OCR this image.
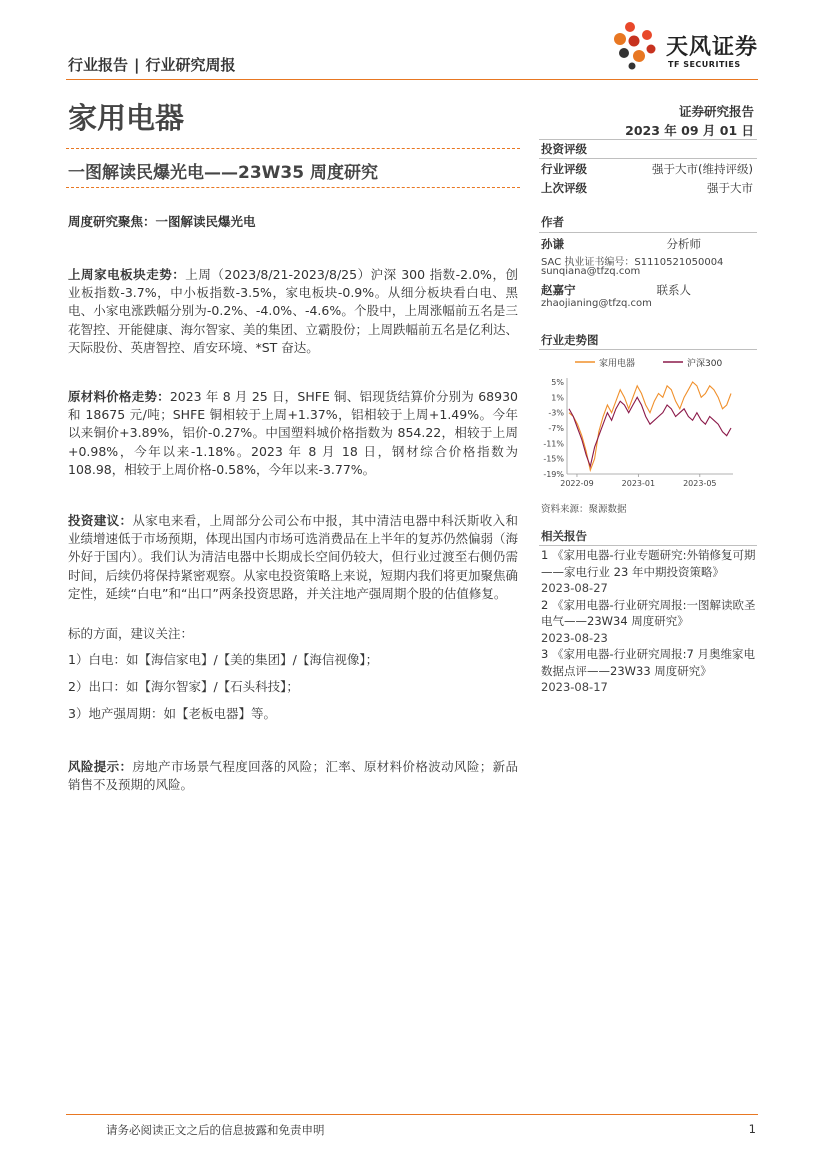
行业报告 | 行业研究周报
天风证券
TF SECURITIES
家用电器	证券研究报告
2023 年 09 月 01 日
一图解读民爆光电——23W35 周度研究
周度研究聚焦：一图解读民爆光电
上周家电板块走势：上周（2023/8/21-2023/8/25）沪深 300 指数-2.0%，创业板指数-3.7%，中小板指数-3.5%，家电板块-0.9%。从细分板块看白电、黑电、小家电涨跌幅分别为-0.2%、-4.0%、-4.6%。个股中，上周涨幅前五名是三花智控、开能健康、海尔智家、美的集团、立霸股份；上周跌幅前五名是亿利达、天际股份、英唐智控、盾安环境、*ST 奋达。
原材料价格走势：2023 年 8 月 25 日，SHFE 铜、铝现货结算价分别为 68930 和 18675 元/吨；SHFE 铜相较于上周+1.37%，铝相较于上周+1.49%。今年以来铜价+3.89%，铝价-0.27%。中国塑料城价格指数为 854.22，相较于上周+0.98%，今年以来-1.18%。2023 年 8 月 18 日，钢材综合价格指数为 108.98，相较于上周价格-0.58%，今年以来-3.77%。
投资建议：从家电来看，上周部分公司公布中报，其中清洁电器中科沃斯收入和业绩增速低于市场预期，体现出国内市场可选消费品在上半年的复苏仍然偏弱（海外好于国内）。我们认为清洁电器中长期成长空间仍较大，但行业过渡至右侧仍需时间，后续仍将保持紧密观察。从家电投资策略上来说，短期内我们将更加聚焦确定性，延续“白电”和“出口”两条投资思路，并关注地产强周期个股的估值修复。
标的方面，建议关注：
1）白电：如【海信家电】/【美的集团】/【海信视像】；
2）出口：如【海尔智家】/【石头科技】；
3）地产强周期：如【老板电器】等。
风险提示：房地产市场景气程度回落的风险；汇率、原材料价格波动风险；新品销售不及预期的风险。
投资评级
行业评级	强于大市(维持评级)
上次评级	强于大市
作者
孙谦	分析师
SAC 执业证书编号：S1110521050004
sunqiana@tfzq.com
赵嘉宁	联系人
zhaojianing@tfzq.com
行业走势图
家用电器	沪深300
5%
1%
-3%
-7%
-11%
-15%
-19%
2022-09	2023-01	2023-05
资料来源：聚源数据
相关报告
1 《家用电器-行业专题研究:外销修复可期——家电行业 23 年中期投资策略》
2023-08-27
2 《家用电器-行业研究周报:一图解读欧圣电气——23W34 周度研究》
2023-08-23
3 《家用电器-行业研究周报:7 月奥维家电数据点评——23W33 周度研究》
2023-08-17
请务必阅读正文之后的信息披露和免责申明	1
